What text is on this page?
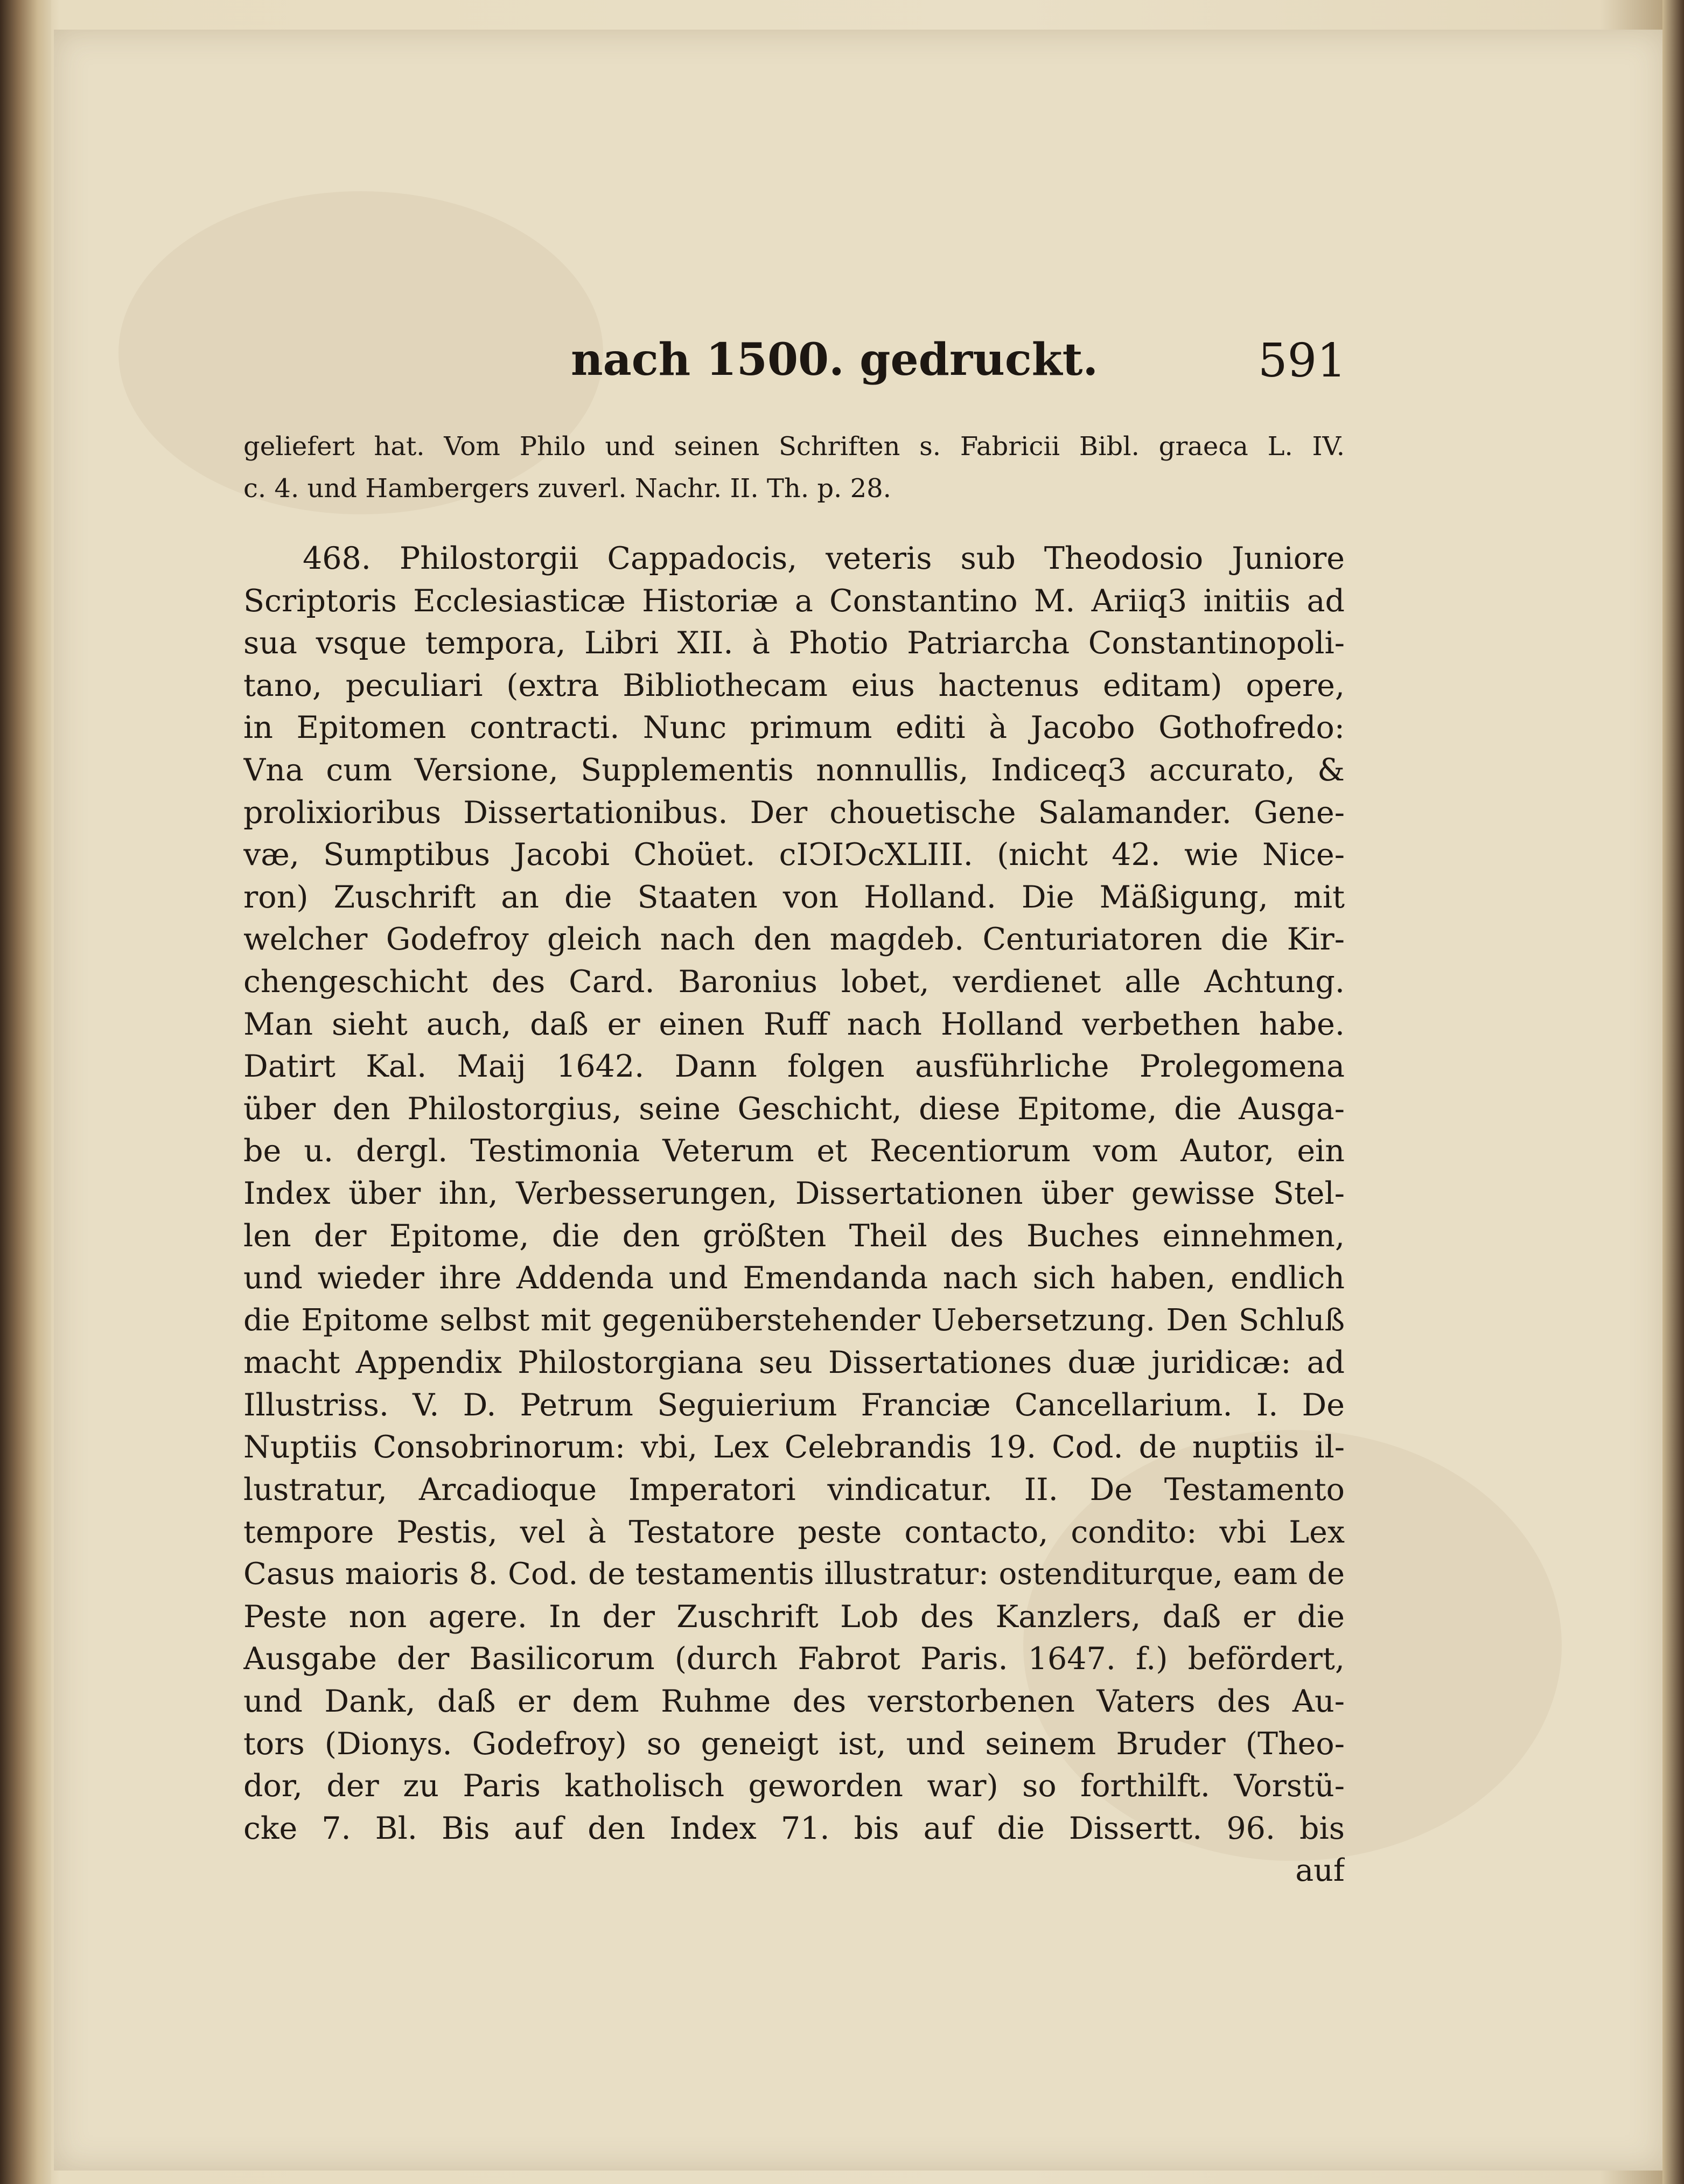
nach 1500. gedruckt.	591
geliefert hat. Vom Philo und seinen Schriften s. Fabricii Bibl. graeca L. IV.
c. 4. und Hambergers zuverl. Nachr. II. Th. p. 28.
468. Philostorgii Cappadocis, veteris sub Theodosio Juniore
Scriptoris Ecclesiasticæ Historiæ a Constantino M. Ariiq3 initiis ad
sua vsque tempora, Libri XII. à Photio Patriarcha Constantinopoli-
tano, peculiari (extra Bibliothecam eius hactenus editam) opere,
in Epitomen contracti. Nunc primum editi à Jacobo Gothofredo:
Vna cum Versione, Supplementis nonnullis, Indiceq3 accurato, &
prolixioribus Dissertationibus. Der chouetische Salamander. Gene-
væ, Sumptibus Jacobi Choüet. cIↃIↃcXLIII. (nicht 42. wie Nice-
ron) Zuschrift an die Staaten von Holland. Die Mäßigung, mit
welcher Godefroy gleich nach den magdeb. Centuriatoren die Kir-
chengeschicht des Card. Baronius lobet, verdienet alle Achtung.
Man sieht auch, daß er einen Ruff nach Holland verbethen habe.
Datirt Kal. Maij 1642. Dann folgen ausführliche Prolegomena
über den Philostorgius, seine Geschicht, diese Epitome, die Ausga-
be u. dergl. Testimonia Veterum et Recentiorum vom Autor, ein
Index über ihn, Verbesserungen, Dissertationen über gewisse Stel-
len der Epitome, die den größten Theil des Buches einnehmen,
und wieder ihre Addenda und Emendanda nach sich haben, endlich
die Epitome selbst mit gegenüberstehender Uebersetzung. Den Schluß
macht Appendix Philostorgiana seu Dissertationes duæ juridicæ: ad
Illustriss. V. D. Petrum Seguierium Franciæ Cancellarium. I. De
Nuptiis Consobrinorum: vbi, Lex Celebrandis 19. Cod. de nuptiis il-
lustratur, Arcadioque Imperatori vindicatur. II. De Testamento
tempore Pestis, vel à Testatore peste contacto, condito: vbi Lex
Casus maioris 8. Cod. de testamentis illustratur: ostenditurque, eam de
Peste non agere. In der Zuschrift Lob des Kanzlers, daß er die
Ausgabe der Basilicorum (durch Fabrot Paris. 1647. f.) befördert,
und Dank, daß er dem Ruhme des verstorbenen Vaters des Au-
tors (Dionys. Godefroy) so geneigt ist, und seinem Bruder (Theo-
dor, der zu Paris katholisch geworden war) so forthilft. Vorstü-
cke 7. Bl. Bis auf den Index 71. bis auf die Dissertt. 96. bis
auf
